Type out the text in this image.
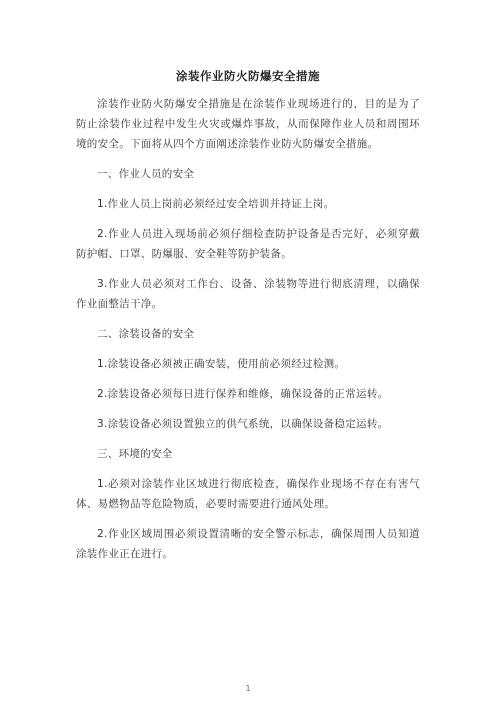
涂装作业防火防爆安全措施

涂装作业防火防爆安全措施是在涂装作业现场进行的，目的是为了防止涂装作业过程中发生火灾或爆炸事故，从而保障作业人员和周围环境的安全。下面将从四个方面阐述涂装作业防火防爆安全措施。

一、作业人员的安全

1.作业人员上岗前必须经过安全培训并持证上岗。

2.作业人员进入现场前必须仔细检查防护设备是否完好，必须穿戴防护帽、口罩、防爆服、安全鞋等防护装备。

3.作业人员必须对工作台、设备、涂装物等进行彻底清理，以确保作业面整洁干净。

二、涂装设备的安全

1.涂装设备必须被正确安装，使用前必须经过检测。

2.涂装设备必须每日进行保养和维修，确保设备的正常运转。

3.涂装设备必须设置独立的供气系统，以确保设备稳定运转。

三、环境的安全

1.必须对涂装作业区域进行彻底检查，确保作业现场不存在有害气体、易燃物品等危险物质，必要时需要进行通风处理。

2.作业区域周围必须设置清晰的安全警示标志，确保周围人员知道涂装作业正在进行。

1
